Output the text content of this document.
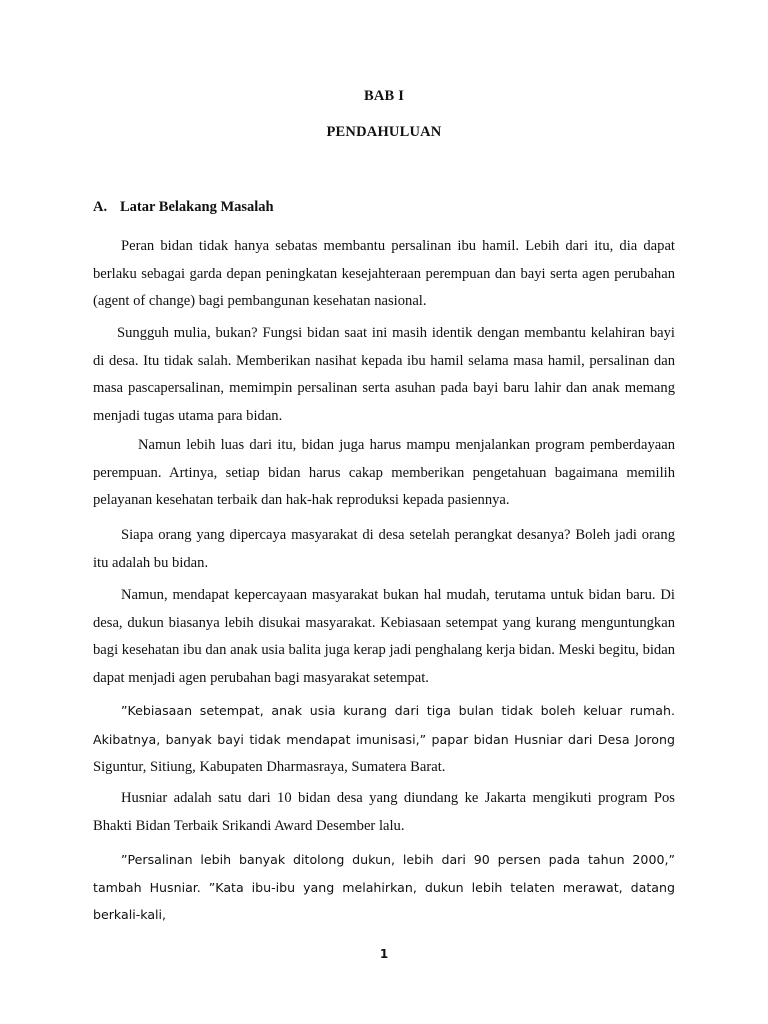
BAB I
PENDAHULUAN
A. Latar Belakang Masalah

Peran bidan tidak hanya sebatas membantu persalinan ibu hamil. Lebih dari itu, dia dapat berlaku sebagai garda depan peningkatan kesejahteraan perempuan dan bayi serta agen perubahan (agent of change) bagi pembangunan kesehatan nasional.

Sungguh mulia, bukan? Fungsi bidan saat ini masih identik dengan membantu kelahiran bayi di desa. Itu tidak salah. Memberikan nasihat kepada ibu hamil selama masa hamil, persalinan dan masa pascapersalinan, memimpin persalinan serta asuhan pada bayi baru lahir dan anak memang menjadi tugas utama para bidan.

Namun lebih luas dari itu, bidan juga harus mampu menjalankan program pemberdayaan perempuan. Artinya, setiap bidan harus cakap memberikan pengetahuan bagaimana memilih pelayanan kesehatan terbaik dan hak-hak reproduksi kepada pasiennya.

Siapa orang yang dipercaya masyarakat di desa setelah perangkat desanya? Boleh jadi orang itu adalah bu bidan.

Namun, mendapat kepercayaan masyarakat bukan hal mudah, terutama untuk bidan baru. Di desa, dukun biasanya lebih disukai masyarakat. Kebiasaan setempat yang kurang menguntungkan bagi kesehatan ibu dan anak usia balita juga kerap jadi penghalang kerja bidan. Meski begitu, bidan dapat menjadi agen perubahan bagi masyarakat setempat.

”Kebiasaan setempat, anak usia kurang dari tiga bulan tidak boleh keluar rumah. Akibatnya, banyak bayi tidak mendapat imunisasi,” papar bidan Husniar dari Desa Jorong Siguntur, Sitiung, Kabupaten Dharmasraya, Sumatera Barat.

Husniar adalah satu dari 10 bidan desa yang diundang ke Jakarta mengikuti program Pos Bhakti Bidan Terbaik Srikandi Award Desember lalu.

”Persalinan lebih banyak ditolong dukun, lebih dari 90 persen pada tahun 2000,” tambah Husniar. ”Kata ibu-ibu yang melahirkan, dukun lebih telaten merawat, datang berkali-kali,

1
